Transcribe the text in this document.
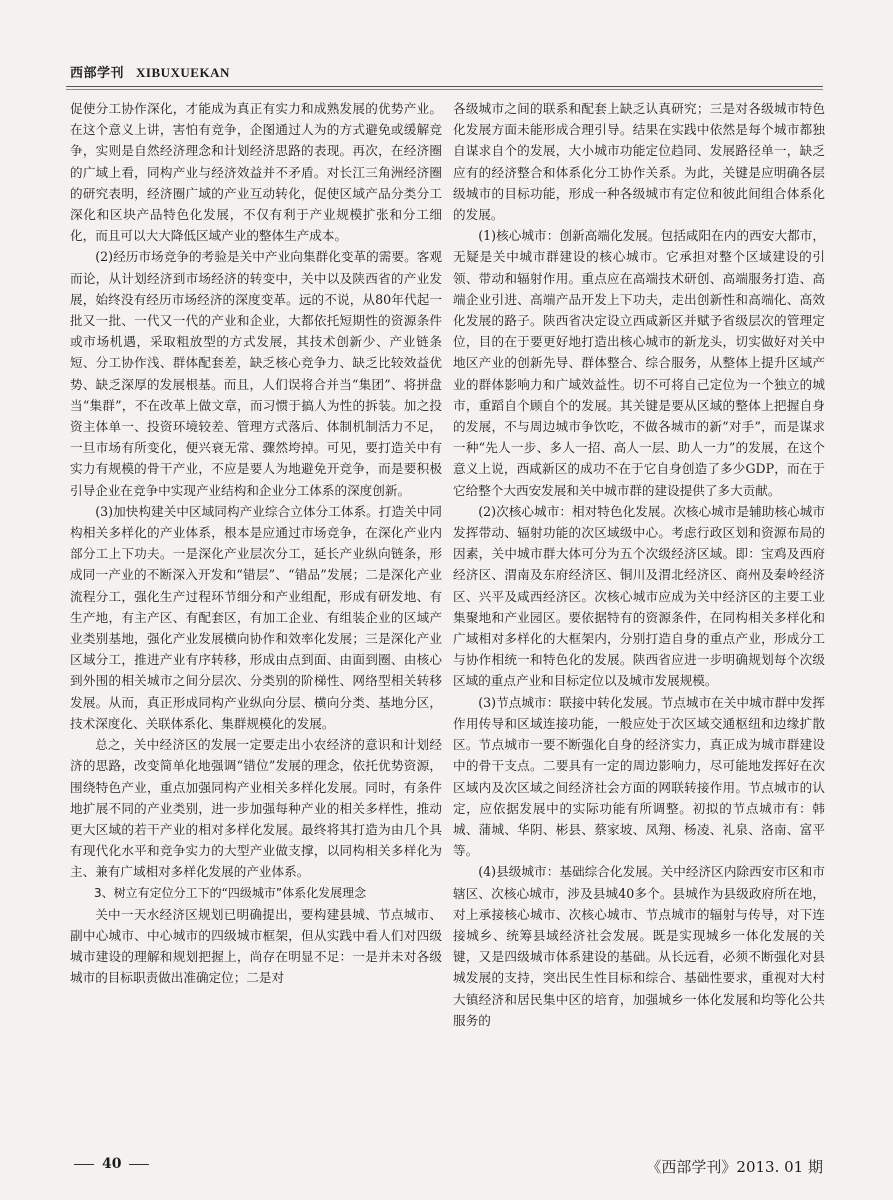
西部学刊 XIBUXUEKAN

促使分工协作深化，才能成为真正有实力和成熟发展的优势产业。在这个意义上讲，害怕有竞争，企图通过人为的方式避免或缓解竞争，实则是自然经济理念和计划经济思路的表现。再次，在经济圈的广域上看，同构产业与经济效益并不矛盾。对长江三角洲经济圈的研究表明，经济圈广域的产业互动转化，促使区域产品分类分工深化和区块产品特色化发展，不仅有利于产业规模扩张和分工细化，而且可以大大降低区域产业的整体生产成本。

(2)经历市场竞争的考验是关中产业向集群化变革的需要。客观而论，从计划经济到市场经济的转变中，关中以及陕西省的产业发展，始终没有经历市场经济的深度变革。远的不说，从80年代起一批又一批、一代又一代的产业和企业，大都依托短期性的资源条件或市场机遇，采取粗放型的方式发展，其技术创新少、产业链条短、分工协作浅、群体配套差，缺乏核心竞争力、缺乏比较效益优势、缺乏深厚的发展根基。而且，人们误将合并当“集团”、将拼盘当“集群”，不在改革上做文章，而习惯于搞人为性的拆装。加之投资主体单一、投资环境较差、管理方式落后、体制机制活力不足，一旦市场有所变化，便兴衰无常、骤然垮掉。可见，要打造关中有实力有规模的骨干产业，不应是要人为地避免开竞争，而是要积极引导企业在竞争中实现产业结构和企业分工体系的深度创新。

(3)加快构建关中区域同构产业综合立体分工体系。打造关中同构相关多样化的产业体系，根本是应通过市场竞争，在深化产业内部分工上下功夫。一是深化产业层次分工，延长产业纵向链条，形成同一产业的不断深入开发和“错层”、“错品”发展；二是深化产业流程分工，强化生产过程环节细分和产业组配，形成有研发地、有生产地，有主产区、有配套区，有加工企业、有组装企业的区域产业类别基地，强化产业发展横向协作和效率化发展；三是深化产业区域分工，推进产业有序转移，形成由点到面、由面到圈、由核心到外围的相关城市之间分层次、分类别的阶梯性、网络型相关转移发展。从而，真正形成同构产业纵向分层、横向分类、基地分区，技术深度化、关联体系化、集群规模化的发展。

总之，关中经济区的发展一定要走出小农经济的意识和计划经济的思路，改变简单化地强调“错位”发展的理念，依托优势资源，围绕特色产业，重点加强同构产业相关多样化发展。同时，有条件地扩展不同的产业类别，进一步加强每种产业的相关多样性，推动更大区域的若干产业的相对多样化发展。最终将其打造为由几个具有现代化水平和竞争实力的大型产业做支撑，以同构相关多样化为主、兼有广域相对多样化发展的产业体系。

3、树立有定位分工下的“四级城市”体系化发展理念

关中一天水经济区规划已明确提出，要构建县城、节点城市、副中心城市、中心城市的四级城市框架，但从实践中看人们对四级城市建设的理解和规划把握上，尚存在明显不足：一是并未对各级城市的目标职责做出准确定位；二是对

各级城市之间的联系和配套上缺乏认真研究；三是对各级城市特色化发展方面未能形成合理引导。结果在实践中依然是每个城市都独自谋求自个的发展，大小城市功能定位趋同、发展路径单一，缺乏应有的经济整合和体系化分工协作关系。为此，关键是应明确各层级城市的目标功能，形成一种各级城市有定位和彼此间组合体系化的发展。

(1)核心城市：创新高端化发展。包括咸阳在内的西安大都市，无疑是关中城市群建设的核心城市。它承担对整个区域建设的引领、带动和辐射作用。重点应在高端技术研创、高端服务打造、高端企业引进、高端产品开发上下功夫，走出创新性和高端化、高效化发展的路子。陕西省决定设立西咸新区并赋予省级层次的管理定位，目的在于要更好地打造出核心城市的新龙头，切实做好对关中地区产业的创新先导、群体整合、综合服务，从整体上提升区域产业的群体影响力和广域效益性。切不可将自己定位为一个独立的城市，重蹈自个顾自个的发展。其关键是要从区域的整体上把握自身的发展，不与周边城市争饮吃，不做各城市的新“对手”，而是谋求一种“先人一步、多人一招、高人一层、助人一力”的发展，在这个意义上说，西咸新区的成功不在于它自身创造了多少GDP，而在于它给整个大西安发展和关中城市群的建设提供了多大贡献。

(2)次核心城市：相对特色化发展。次核心城市是辅助核心城市发挥带动、辐射功能的次区域级中心。考虑行政区划和资源布局的因素，关中城市群大体可分为五个次级经济区域。即：宝鸡及西府经济区、渭南及东府经济区、铜川及渭北经济区、商州及秦岭经济区、兴平及咸西经济区。次核心城市应成为关中经济区的主要工业集聚地和产业园区。要依据特有的资源条件，在同构相关多样化和广域相对多样化的大框架内，分别打造自身的重点产业，形成分工与协作相统一和特色化的发展。陕西省应进一步明确规划每个次级区域的重点产业和目标定位以及城市发展规模。

(3)节点城市：联接中转化发展。节点城市在关中城市群中发挥作用传导和区域连接功能，一般应处于次区域交通枢纽和边缘扩散区。节点城市一要不断强化自身的经济实力，真正成为城市群建设中的骨干支点。二要具有一定的周边影响力，尽可能地发挥好在次区域内及次区域之间经济社会方面的网联转接作用。节点城市的认定，应依据发展中的实际功能有所调整。初拟的节点城市有：韩城、蒲城、华阴、彬县、蔡家坡、凤翔、杨凌、礼泉、洛南、富平等。

(4)县级城市：基础综合化发展。关中经济区内除西安市区和市辖区、次核心城市，涉及县城40多个。县城作为县级政府所在地，对上承接核心城市、次核心城市、节点城市的辐射与传导，对下连接城乡、统筹县域经济社会发展。既是实现城乡一体化发展的关键，又是四级城市体系建设的基础。从长远看，必须不断强化对县城发展的支持，突出民生性目标和综合、基础性要求，重视对大村大镇经济和居民集中区的培育，加强城乡一体化发展和均等化公共服务的

40	《西部学刊》2013. 01 期
